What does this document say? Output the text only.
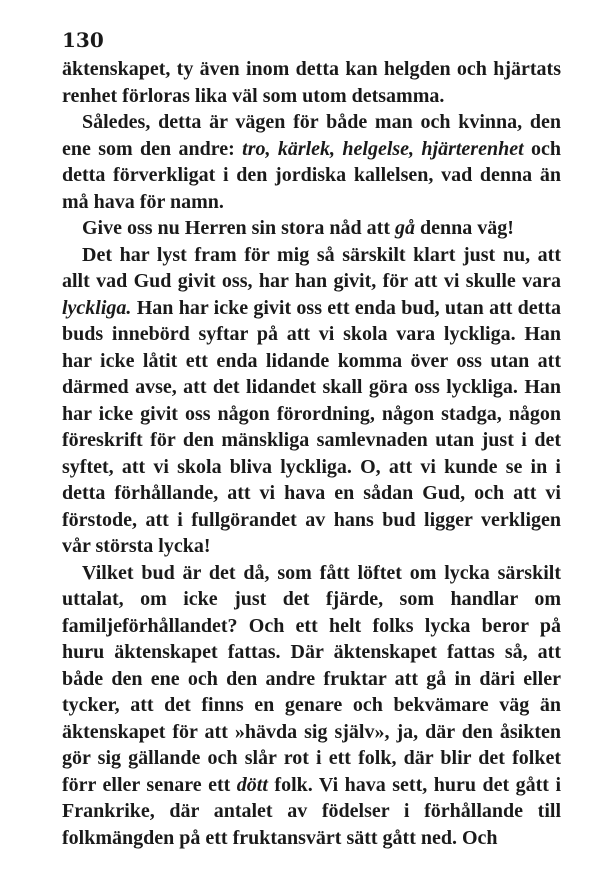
130

äktenskapet, ty även inom detta kan helgden och hjärtats renhet förloras lika väl som utom detsamma.

Således, detta är vägen för både man och kvinna, den ene som den andre: tro, kärlek, helgelse, hjärterenhet och detta förverkligat i den jordiska kallelsen, vad denna än må hava för namn.

Give oss nu Herren sin stora nåd att gå denna väg!

Det har lyst fram för mig så särskilt klart just nu, att allt vad Gud givit oss, har han givit, för att vi skulle vara lyckliga. Han har icke givit oss ett enda bud, utan att detta buds innebörd syftar på att vi skola vara lyckliga. Han har icke låtit ett enda lidande komma över oss utan att därmed avse, att det lidandet skall göra oss lyckliga. Han har icke givit oss någon förordning, någon stadga, någon föreskrift för den mänskliga samlevnaden utan just i det syftet, att vi skola bliva lyckliga. O, att vi kunde se in i detta förhållande, att vi hava en sådan Gud, och att vi förstode, att i fullgörandet av hans bud ligger verkligen vår största lycka!

Vilket bud är det då, som fått löftet om lycka särskilt uttalat, om icke just det fjärde, som handlar om familjeförhållandet? Och ett helt folks lycka beror på huru äktenskapet fattas. Där äktenskapet fattas så, att både den ene och den andre fruktar att gå in däri eller tycker, att det finns en genare och bekvämare väg än äktenskapet för att »hävda sig själv», ja, där den åsikten gör sig gällande och slår rot i ett folk, där blir det folket förr eller senare ett dött folk. Vi hava sett, huru det gått i Frankrike, där antalet av födelser i förhållande till folkmängden på ett fruktansvärt sätt gått ned. Och
